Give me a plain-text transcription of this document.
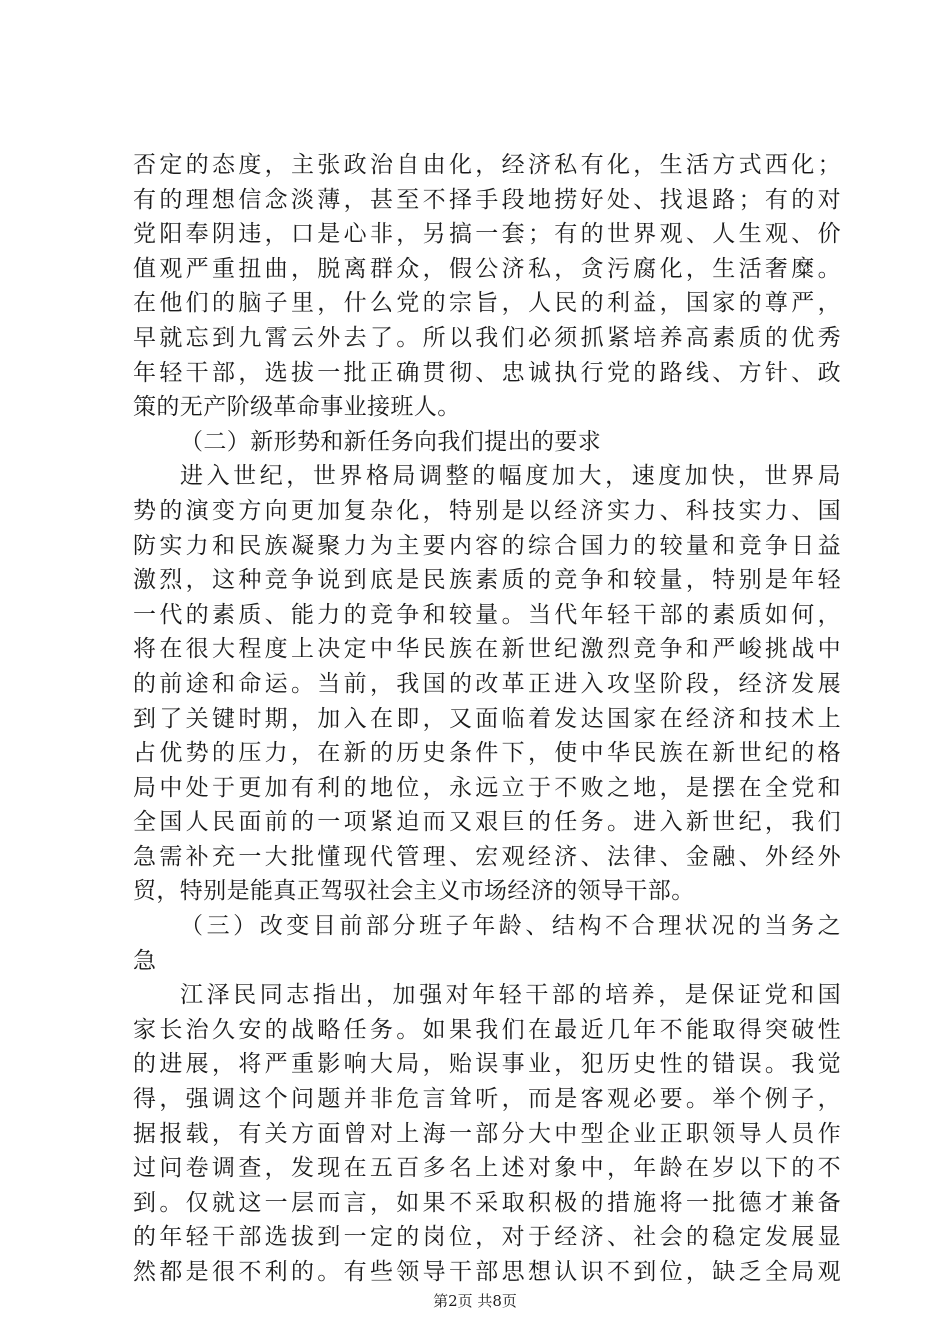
否定的态度，主张政治自由化，经济私有化，生活方式西化；
有的理想信念淡薄，甚至不择手段地捞好处、找退路；有的对
党阳奉阴违，口是心非，另搞一套；有的世界观、人生观、价
值观严重扭曲，脱离群众，假公济私，贪污腐化，生活奢糜。
在他们的脑子里，什么党的宗旨，人民的利益，国家的尊严，
早就忘到九霄云外去了。所以我们必须抓紧培养高素质的优秀
年轻干部，选拔一批正确贯彻、忠诚执行党的路线、方针、政
策的无产阶级革命事业接班人。
（二）新形势和新任务向我们提出的要求
进入世纪，世界格局调整的幅度加大，速度加快，世界局
势的演变方向更加复杂化，特别是以经济实力、科技实力、国
防实力和民族凝聚力为主要内容的综合国力的较量和竞争日益
激烈，这种竞争说到底是民族素质的竞争和较量，特别是年轻
一代的素质、能力的竞争和较量。当代年轻干部的素质如何，
将在很大程度上决定中华民族在新世纪激烈竞争和严峻挑战中
的前途和命运。当前，我国的改革正进入攻坚阶段，经济发展
到了关键时期，加入在即，又面临着发达国家在经济和技术上
占优势的压力，在新的历史条件下，使中华民族在新世纪的格
局中处于更加有利的地位，永远立于不败之地，是摆在全党和
全国人民面前的一项紧迫而又艰巨的任务。进入新世纪，我们
急需补充一大批懂现代管理、宏观经济、法律、金融、外经外
贸，特别是能真正驾驭社会主义市场经济的领导干部。
（三）改变目前部分班子年龄、结构不合理状况的当务之
急
江泽民同志指出，加强对年轻干部的培养，是保证党和国
家长治久安的战略任务。如果我们在最近几年不能取得突破性
的进展，将严重影响大局，贻误事业，犯历史性的错误。我觉
得，强调这个问题并非危言耸听，而是客观必要。举个例子，
据报载，有关方面曾对上海一部分大中型企业正职领导人员作
过问卷调查，发现在五百多名上述对象中，年龄在岁以下的不
到。仅就这一层而言，如果不采取积极的措施将一批德才兼备
的年轻干部选拔到一定的岗位，对于经济、社会的稳定发展显
然都是很不利的。有些领导干部思想认识不到位，缺乏全局观
第2页 共8页
